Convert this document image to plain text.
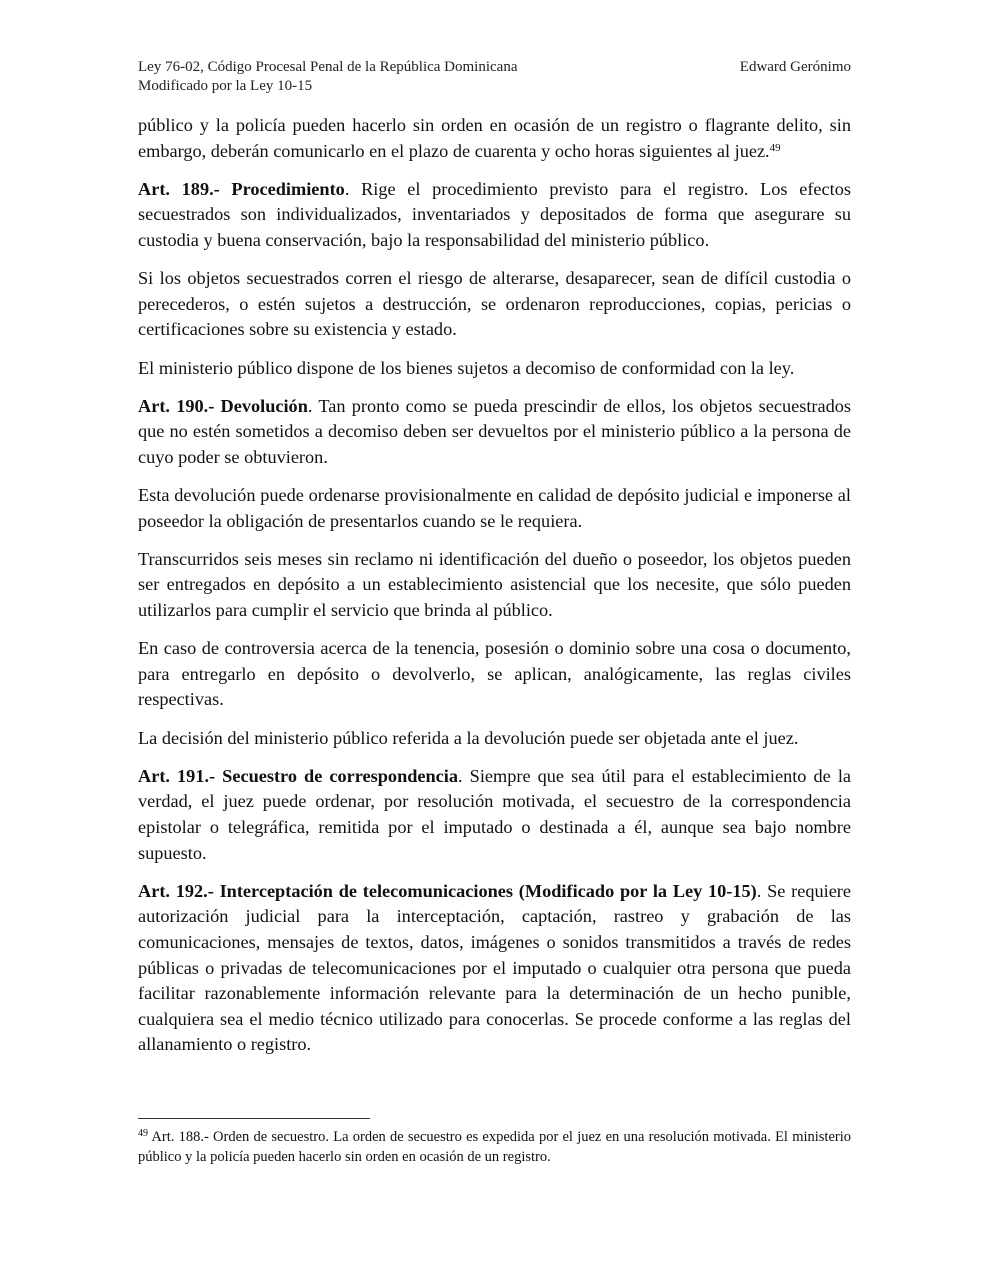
Ley 76-02, Código Procesal Penal de la República Dominicana	Edward Gerónimo
Modificado por la Ley 10-15

público y la policía pueden hacerlo sin orden en ocasión de un registro o flagrante delito, sin embargo, deberán comunicarlo en el plazo de cuarenta y ocho horas siguientes al juez.$^{49}$

Art. 189.- Procedimiento. Rige el procedimiento previsto para el registro. Los efectos secuestrados son individualizados, inventariados y depositados de forma que asegurare su custodia y buena conservación, bajo la responsabilidad del ministerio público.

Si los objetos secuestrados corren el riesgo de alterarse, desaparecer, sean de difícil custodia o perecederos, o estén sujetos a destrucción, se ordenaron reproducciones, copias, pericias o certificaciones sobre su existencia y estado.

El ministerio público dispone de los bienes sujetos a decomiso de conformidad con la ley.

Art. 190.- Devolución. Tan pronto como se pueda prescindir de ellos, los objetos secuestrados que no estén sometidos a decomiso deben ser devueltos por el ministerio público a la persona de cuyo poder se obtuvieron.

Esta devolución puede ordenarse provisionalmente en calidad de depósito judicial e imponerse al poseedor la obligación de presentarlos cuando se le requiera.

Transcurridos seis meses sin reclamo ni identificación del dueño o poseedor, los objetos pueden ser entregados en depósito a un establecimiento asistencial que los necesite, que sólo pueden utilizarlos para cumplir el servicio que brinda al público.

En caso de controversia acerca de la tenencia, posesión o dominio sobre una cosa o documento, para entregarlo en depósito o devolverlo, se aplican, analógicamente, las reglas civiles respectivas.

La decisión del ministerio público referida a la devolución puede ser objetada ante el juez.

Art. 191.- Secuestro de correspondencia. Siempre que sea útil para el establecimiento de la verdad, el juez puede ordenar, por resolución motivada, el secuestro de la correspondencia epistolar o telegráfica, remitida por el imputado o destinada a él, aunque sea bajo nombre supuesto.

Art. 192.- Interceptación de telecomunicaciones (Modificado por la Ley 10-15). Se requiere autorización judicial para la interceptación, captación, rastreo y grabación de las comunicaciones, mensajes de textos, datos, imágenes o sonidos transmitidos a través de redes públicas o privadas de telecomunicaciones por el imputado o cualquier otra persona que pueda facilitar razonablemente información relevante para la determinación de un hecho punible, cualquiera sea el medio técnico utilizado para conocerlas. Se procede conforme a las reglas del allanamiento o registro.

$^{49}$ Art. 188.- Orden de secuestro. La orden de secuestro es expedida por el juez en una resolución motivada. El ministerio público y la policía pueden hacerlo sin orden en ocasión de un registro.
